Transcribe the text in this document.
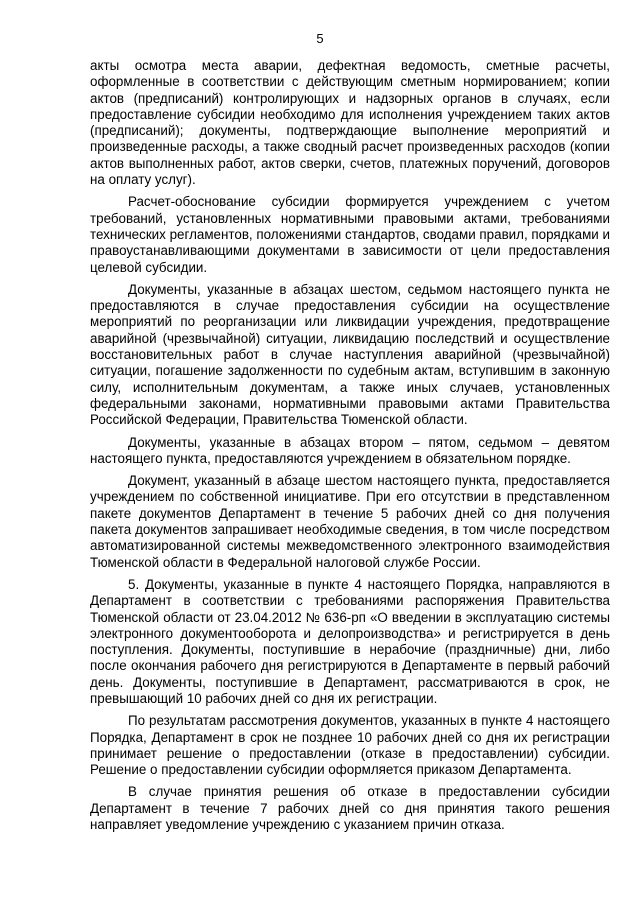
5

акты осмотра места аварии, дефектная ведомость, сметные расчеты, оформленные в соответствии с действующим сметным нормированием; копии актов (предписаний) контролирующих и надзорных органов в случаях, если предоставление субсидии необходимо для исполнения учреждением таких актов (предписаний); документы, подтверждающие выполнение мероприятий и произведенные расходы, а также сводный расчет произведенных расходов (копии актов выполненных работ, актов сверки, счетов, платежных поручений, договоров на оплату услуг).

Расчет-обоснование субсидии формируется учреждением с учетом требований, установленных нормативными правовыми актами, требованиями технических регламентов, положениями стандартов, сводами правил, порядками и правоустанавливающими документами в зависимости от цели предоставления целевой субсидии.

Документы, указанные в абзацах шестом, седьмом настоящего пункта не предоставляются в случае предоставления субсидии на осуществление мероприятий по реорганизации или ликвидации учреждения, предотвращение аварийной (чрезвычайной) ситуации, ликвидацию последствий и осуществление восстановительных работ в случае наступления аварийной (чрезвычайной) ситуации, погашение задолженности по судебным актам, вступившим в законную силу, исполнительным документам, а также иных случаев, установленных федеральными законами, нормативными правовыми актами Правительства Российской Федерации, Правительства Тюменской области.

Документы, указанные в абзацах втором – пятом, седьмом – девятом настоящего пункта, предоставляются учреждением в обязательном порядке.

Документ, указанный в абзаце шестом настоящего пункта, предоставляется учреждением по собственной инициативе. При его отсутствии в представленном пакете документов Департамент в течение 5 рабочих дней со дня получения пакета документов запрашивает необходимые сведения, в том числе посредством автоматизированной системы межведомственного электронного взаимодействия Тюменской области в Федеральной налоговой службе России.

5. Документы, указанные в пункте 4 настоящего Порядка, направляются в Департамент в соответствии с требованиями распоряжения Правительства Тюменской области от 23.04.2012 № 636-рп «О введении в эксплуатацию системы электронного документооборота и делопроизводства» и регистрируется в день поступления. Документы, поступившие в нерабочие (праздничные) дни, либо после окончания рабочего дня регистрируются в Департаменте в первый рабочий день. Документы, поступившие в Департамент, рассматриваются в срок, не превышающий 10 рабочих дней со дня их регистрации.

По результатам рассмотрения документов, указанных в пункте 4 настоящего Порядка, Департамент в срок не позднее 10 рабочих дней со дня их регистрации принимает решение о предоставлении (отказе в предоставлении) субсидии. Решение о предоставлении субсидии оформляется приказом Департамента.

В случае принятия решения об отказе в предоставлении субсидии Департамент в течение 7 рабочих дней со дня принятия такого решения направляет уведомление учреждению с указанием причин отказа.
